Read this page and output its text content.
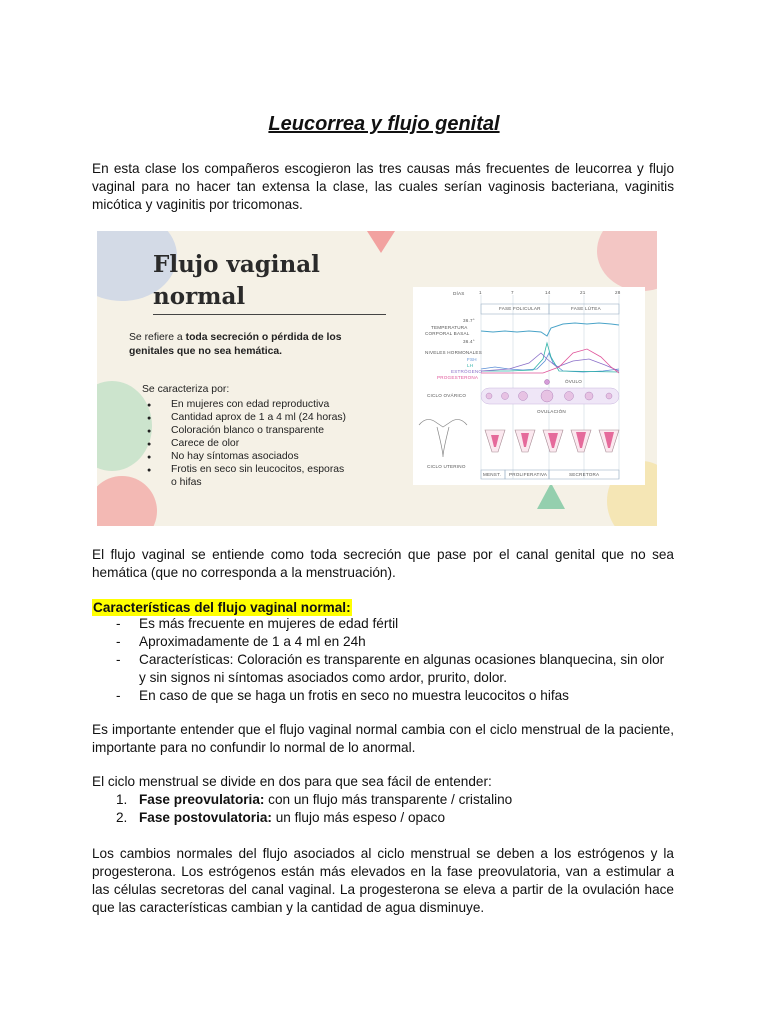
Leucorrea y flujo genital

En esta clase los compañeros escogieron las tres causas más frecuentes de leucorrea y flujo vaginal para no hacer tan extensa la clase, las cuales serían vaginosis bacteriana, vaginitis micótica y vaginitis por tricomonas.

Flujo vaginal
normal
Se refiere a toda secreción o pérdida de los genitales que no sea hemática.
Se caracteriza por:
● En mujeres con edad reproductiva
● Cantidad aprox de 1 a 4 ml (24 horas)
● Coloración blanco o transparente
● Carece de olor
● No hay síntomas asociados
● Frotis en seco sin leucocitos, esporas o hifas
DÍAS	1	7	14	21	28
FASE FOLICULAR	FASE LÚTEA
36.7°
TEMPERATURA
CORPORAL BASAL
36.4°
NIVELES HORMONALES
FSH
LH
ESTRÓGENO
PROGESTERONA
ÓVULO
CICLO OVÁRICO
OVULACIÓN
CICLO UTERINO
MENST. PROLIFERATIVA	SECRETORA

El flujo vaginal se entiende como toda secreción que pase por el canal genital que no sea hemática (que no corresponda a la menstruación).

Características del flujo vaginal normal:
- Es más frecuente en mujeres de edad fértil
- Aproximadamente de 1 a 4 ml en 24h
- Características: Coloración es transparente en algunas ocasiones blanquecina, sin olor y sin signos ni síntomas asociados como ardor, prurito, dolor.
- En caso de que se haga un frotis en seco no muestra leucocitos o hifas

Es importante entender que el flujo vaginal normal cambia con el ciclo menstrual de la paciente, importante para no confundir lo normal de lo anormal.

El ciclo menstrual se divide en dos para que sea fácil de entender:

1. Fase preovulatoria: con un flujo más transparente / cristalino
2. Fase postovulatoria: un flujo más espeso / opaco

Los cambios normales del flujo asociados al ciclo menstrual se deben a los estrógenos y la progesterona. Los estrógenos están más elevados en la fase preovulatoria, van a estimular a las células secretoras del canal vaginal. La progesterona se eleva a partir de la ovulación hace que las características cambian y la cantidad de agua disminuye.
